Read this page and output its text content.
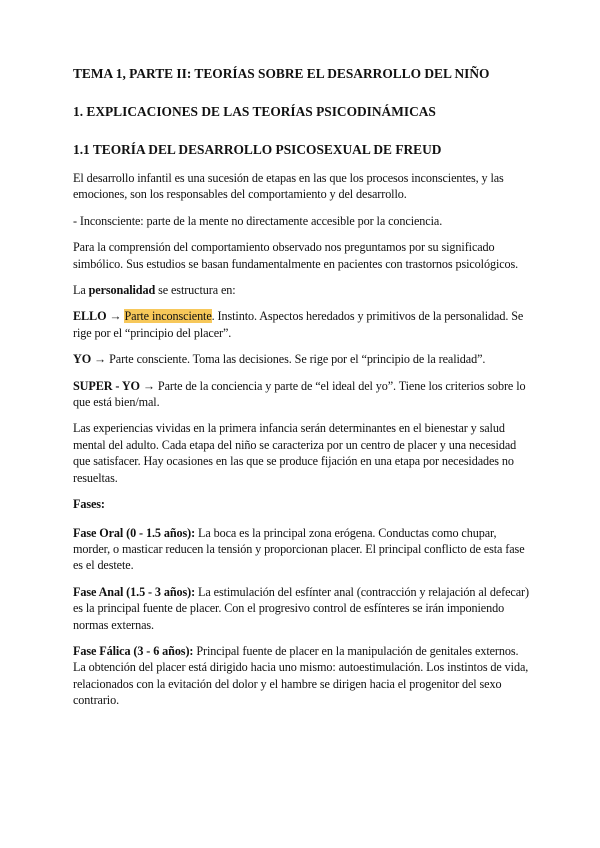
TEMA 1, PARTE II: TEORÍAS SOBRE EL DESARROLLO DEL NIÑO
1. EXPLICACIONES DE LAS TEORÍAS PSICODINÁMICAS
1.1 TEORÍA DEL DESARROLLO PSICOSEXUAL DE FREUD

El desarrollo infantil es una sucesión de etapas en las que los procesos inconscientes, y las emociones, son los responsables del comportamiento y del desarrollo.

- Inconsciente: parte de la mente no directamente accesible por la conciencia.

Para la comprensión del comportamiento observado nos preguntamos por su significado simbólico. Sus estudios se basan fundamentalmente en pacientes con trastornos psicológicos.

La personalidad se estructura en:

ELLO → Parte inconsciente. Instinto. Aspectos heredados y primitivos de la personalidad. Se rige por el “principio del placer”.

YO → Parte consciente. Toma las decisiones. Se rige por el “principio de la realidad”.

SUPER - YO → Parte de la conciencia y parte de “el ideal del yo”. Tiene los criterios sobre lo que está bien/mal.

Las experiencias vividas en la primera infancia serán determinantes en el bienestar y salud mental del adulto. Cada etapa del niño se caracteriza por un centro de placer y una necesidad que satisfacer. Hay ocasiones en las que se produce fijación en una etapa por necesidades no resueltas.

Fases:

Fase Oral (0 - 1.5 años): La boca es la principal zona erógena. Conductas como chupar, morder, o masticar reducen la tensión y proporcionan placer. El principal conflicto de esta fase es el destete.

Fase Anal (1.5 - 3 años): La estimulación del esfínter anal (contracción y relajación al defecar) es la principal fuente de placer. Con el progresivo control de esfínteres se irán imponiendo normas externas.

Fase Fálica (3 - 6 años): Principal fuente de placer en la manipulación de genitales externos. La obtención del placer está dirigido hacia uno mismo: autoestimulación. Los instintos de vida, relacionados con la evitación del dolor y el hambre se dirigen hacia el progenitor del sexo contrario.
